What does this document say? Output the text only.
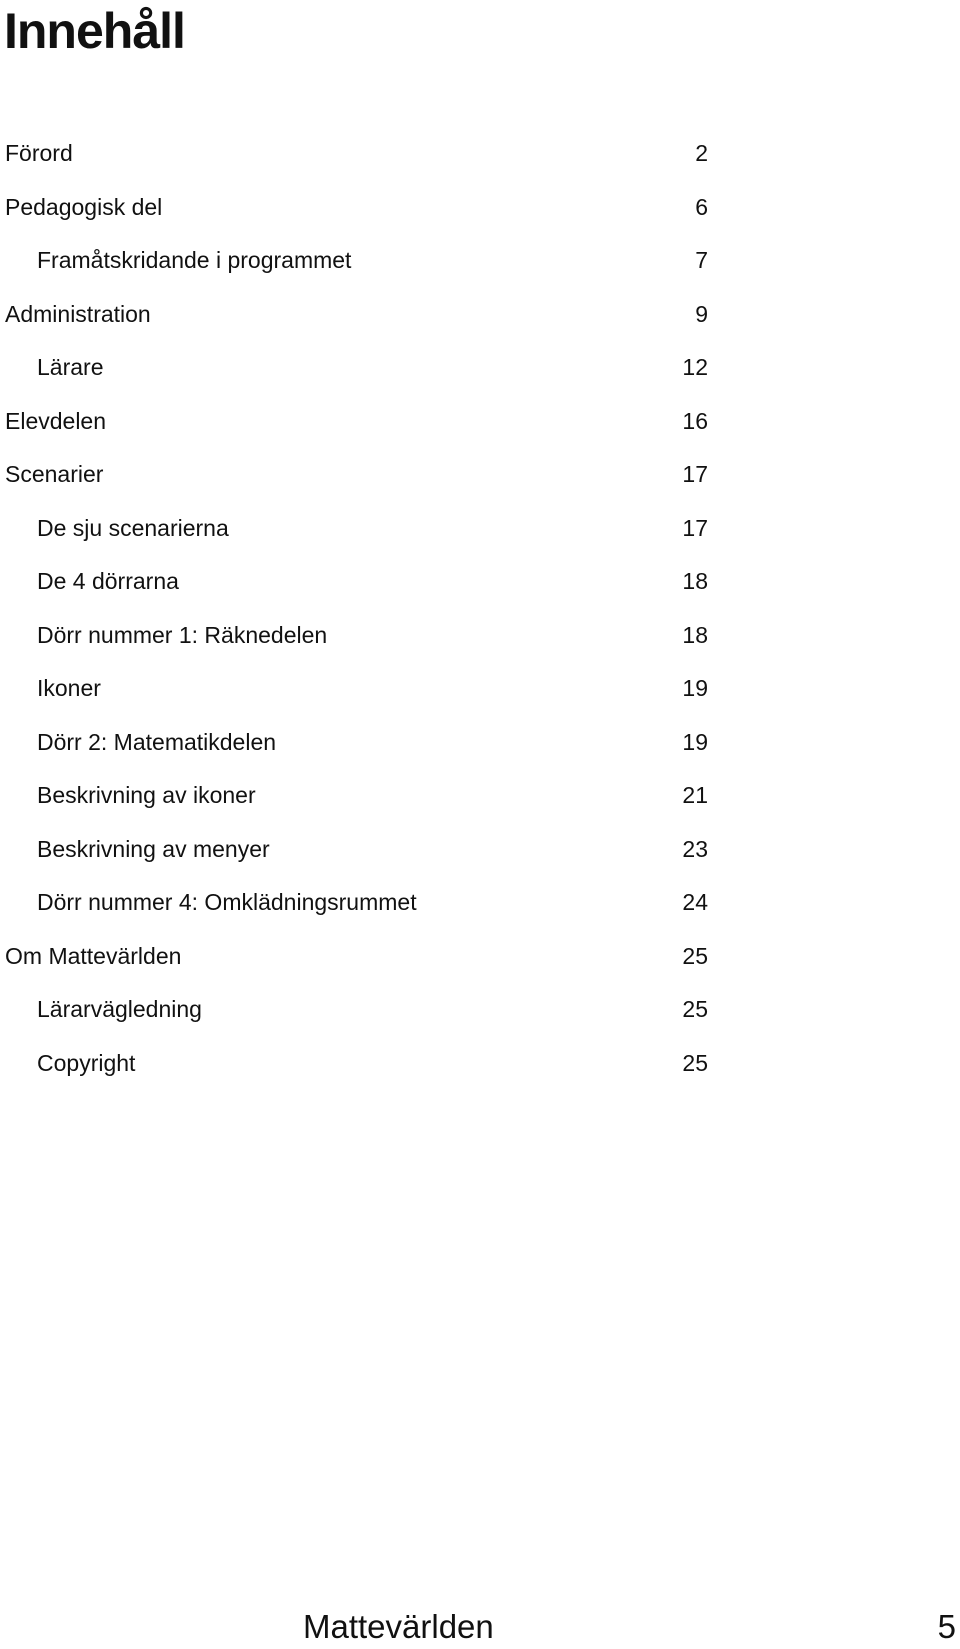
Innehåll
Förord	2
Pedagogisk del	6
Framåtskridande i programmet	7
Administration	9
Lärare	12
Elevdelen	16
Scenarier	17
De sju scenarierna	17
De 4 dörrarna	18
Dörr nummer 1: Räknedelen	18
Ikoner	19
Dörr 2: Matematikdelen	19
Beskrivning av ikoner	21
Beskrivning av menyer	23
Dörr nummer 4: Omklädningsrummet	24
Om Mattevärlden	25
Lärarvägledning	25
Copyright	25
Mattevärlden	5
